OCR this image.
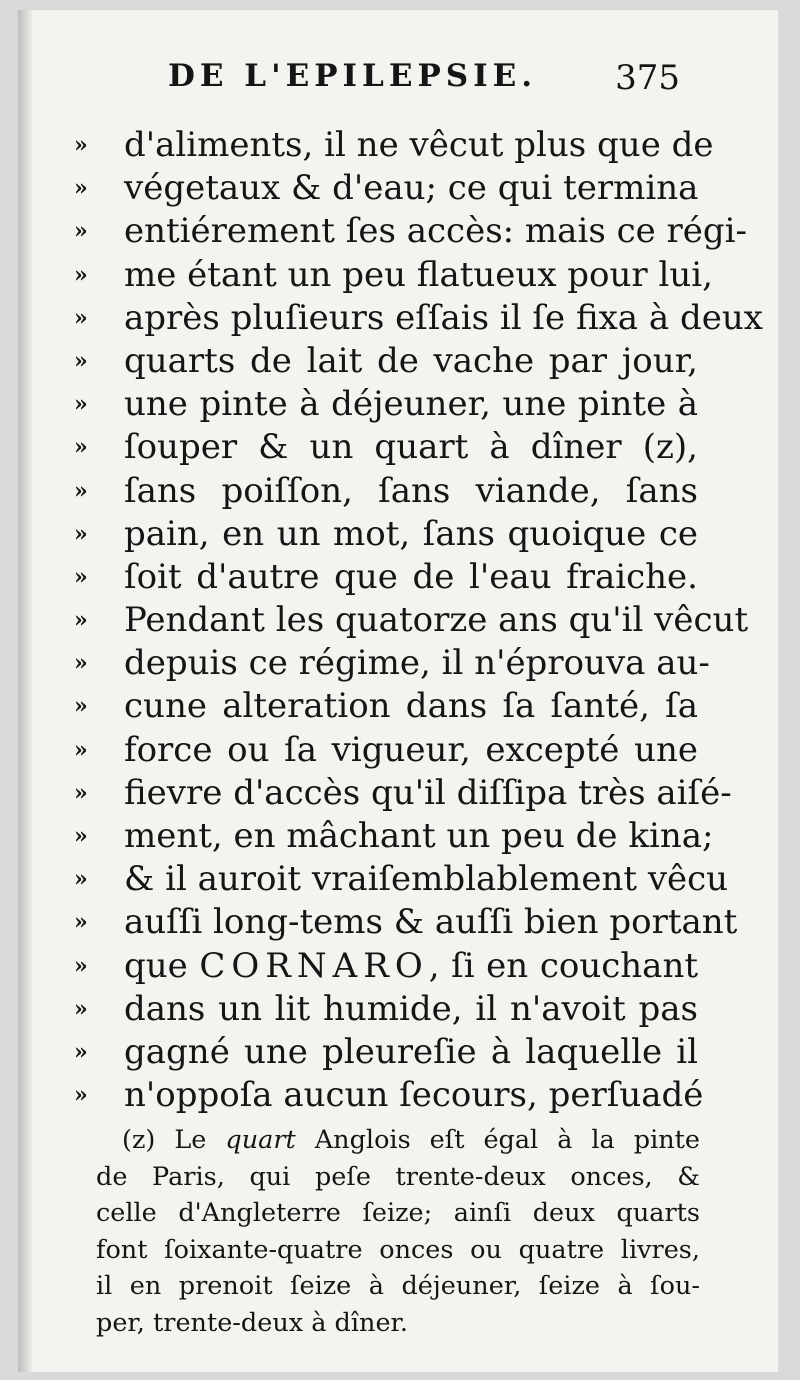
DE L'EPILEPSIE. 375
»	d'aliments, il ne vêcut plus que de
»	végetaux & d'eau; ce qui termina
»	entiérement ſes accès: mais ce régi-
»	me étant un peu flatueux pour lui,
»	après pluſieurs eſſais il ſe fixa à deux
»	quarts de lait de vache par jour,
»	une pinte à déjeuner, une pinte à
»	ſouper & un quart à dîner (z),
»	ſans poiſſon, ſans viande, ſans
»	pain, en un mot, ſans quoique ce
»	ſoit d'autre que de l'eau fraiche.
»	Pendant les quatorze ans qu'il vêcut
»	depuis ce régime, il n'éprouva au-
»	cune alteration dans ſa ſanté, ſa
»	force ou ſa vigueur, excepté une
»	fievre d'accès qu'il diſſipa très aiſé-
»	ment, en mâchant un peu de kina;
»	& il auroit vraiſemblablement vêcu
»	auſſi long-tems & auſſi bien portant
»	que CORNARO, ſi en couchant
»	dans un lit humide, il n'avoit pas
»	gagné une pleureſie à laquelle il
»	n'oppoſa aucun ſecours, perſuadé
(z) Le quart Anglois eſt égal à la pinte
de Paris, qui peſe trente-deux onces, &
celle d'Angleterre ſeize; ainſi deux quarts
font ſoixante-quatre onces ou quatre livres,
il en prenoit ſeize à déjeuner, ſeize à ſou-
per, trente-deux à dîner.
